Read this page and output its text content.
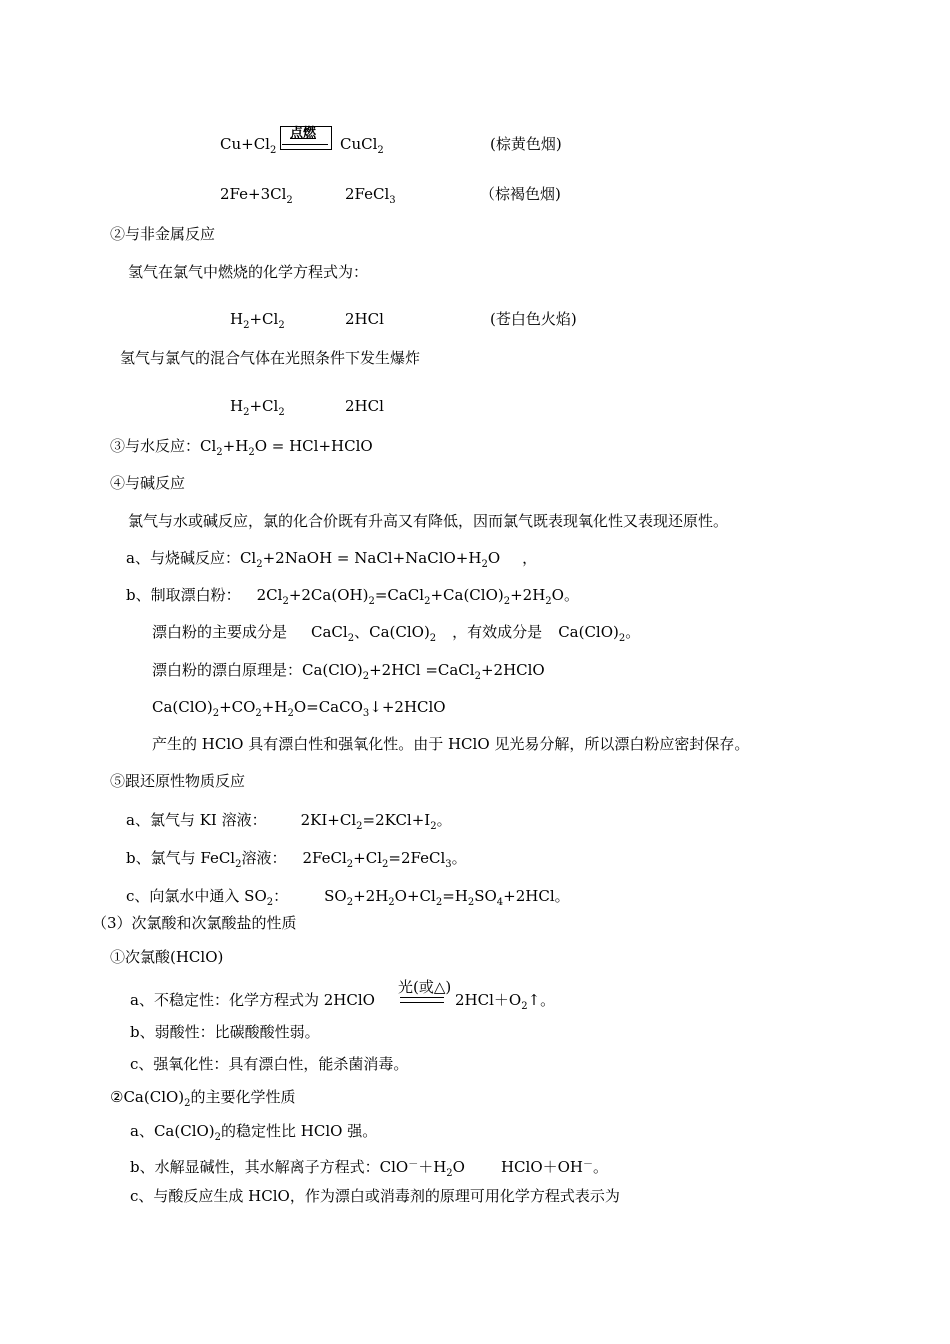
$Cu+Cl_2$
点燃
CuCl$_2$	(棕黄色烟)
$2Fe+3Cl_2$	2FeCl$_3$	（棕褐色烟)
②与非金属反应
氢气在氯气中燃烧的化学方程式为：
$H_2+Cl_2$	2HCl	(苍白色火焰)
氢气与氯气的混合气体在光照条件下发生爆炸
$H_2+Cl_2$	2HCl
③与水反应：$Cl_2+H_2O$ = HCl+HClO
④与碱反应
氯气与水或碱反应，氯的化合价既有升高又有降低，因而氯气既表现氧化性又表现还原性。
a、与烧碱反应：$Cl_2+2NaOH$ = $NaCl+NaClO+H_2O$ ，
b、制取漂白粉： $2Cl_2+2Ca(OH)_2=CaCl_2+Ca(ClO)_2+2H_2O$。
漂白粉的主要成分是 CaCl$_2$、$Ca(ClO)_2$ ，有效成分是 $Ca(ClO)_2$。
漂白粉的漂白原理是：$Ca(ClO)_2+2HCl$ =CaCl$_2$+2HClO
$Ca(ClO)_2+CO_2+H_2O=CaCO_3↓+2HClO$
产生的 HClO 具有漂白性和强氧化性。由于 HClO 见光易分解，所以漂白粉应密封保存。
⑤跟还原性物质反应
a、氯气与 KI 溶液： $2KI+Cl_2=2KCl+I_2$。
b、氯气与 FeCl$_2$溶液： $2FeCl_2+Cl_2=2FeCl_3$。
c、向氯水中通入 $SO_2$： $SO_2+2H_2O+Cl_2=H_2SO_4+2HCl$。
（3）次氯酸和次氯酸盐的性质
①次氯酸(HClO)
a、不稳定性：化学方程式为 2HClO
光(或△)
$2HCl+O_2↑$。
b、弱酸性：比碳酸酸性弱。
c、强氧化性：具有漂白性，能杀菌消毒。
$②Ca(ClO)_2$的主要化学性质
a、$Ca(ClO)_2$的稳定性比 HClO 强。
b、水解显碱性，其水解离子方程式：$ClO^-+H_2O$ HClO＋OH－。
c、与酸反应生成 HClO，作为漂白或消毒剂的原理可用化学方程式表示为
